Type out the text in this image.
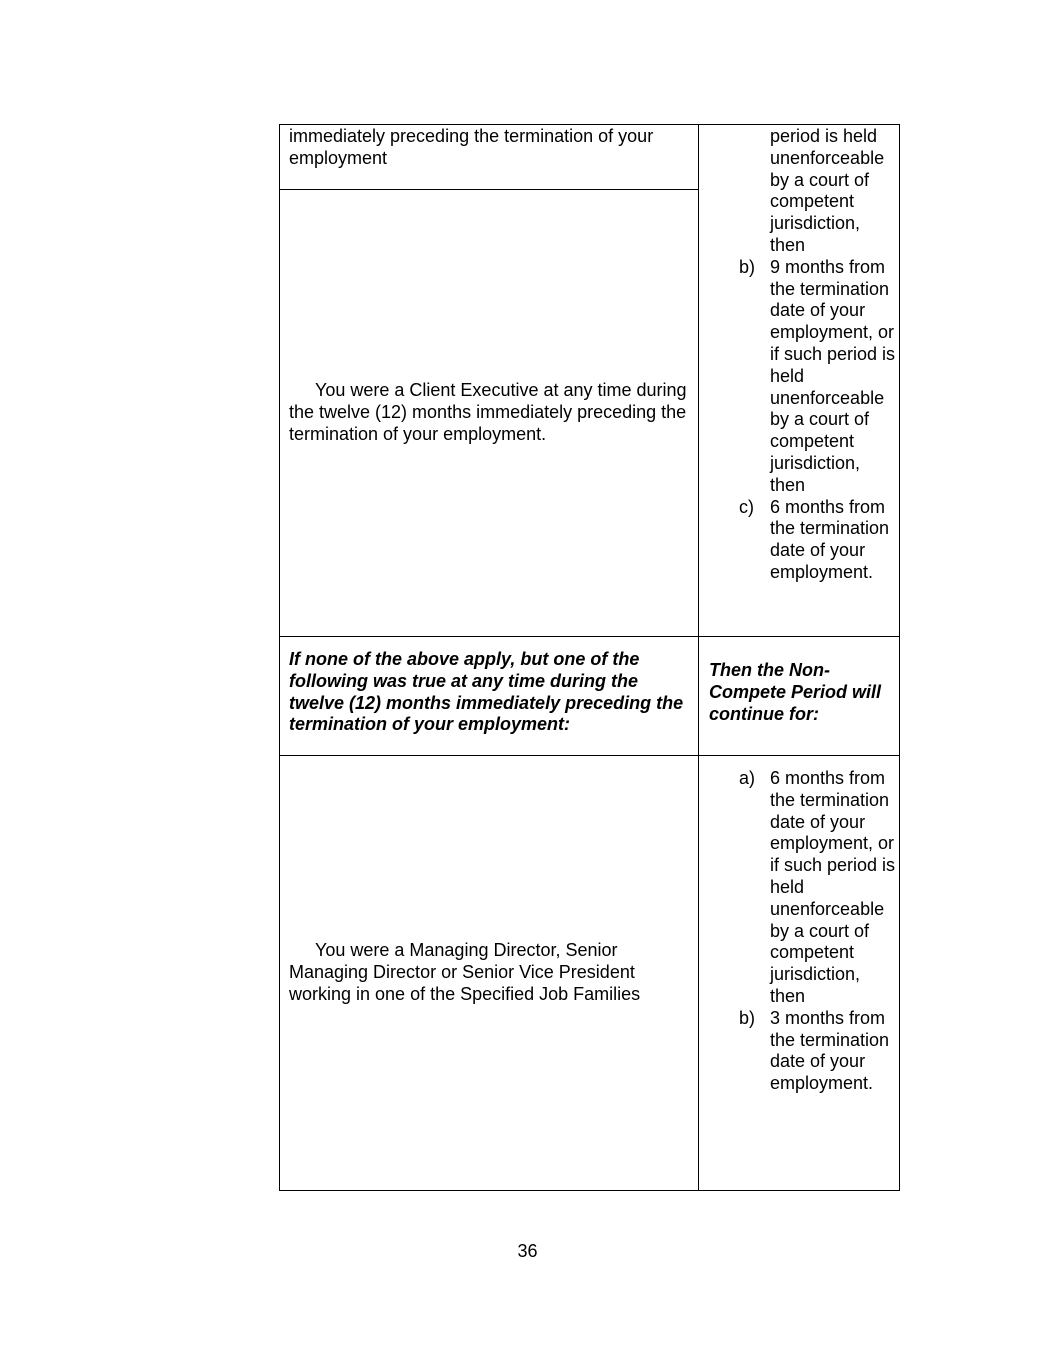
immediately preceding the termination of your employment

period is held
unenforceable
by a court of
competent
jurisdiction,
then
b) 9 months from the termination date of your employment, or if such period is held unenforceable by a court of competent jurisdiction, then
c) 6 months from the termination date of your employment.

You were a Client Executive at any time during the twelve (12) months immediately preceding the termination of your employment.

If none of the above apply, but one of the following was true at any time during the twelve (12) months immediately preceding the termination of your employment:

Then the Non-Compete Period will continue for:

You were a Managing Director, Senior Managing Director or Senior Vice President working in one of the Specified Job Families

a) 6 months from the termination date of your employment, or if such period is held unenforceable by a court of competent jurisdiction, then
b) 3 months from the termination date of your employment.
36
